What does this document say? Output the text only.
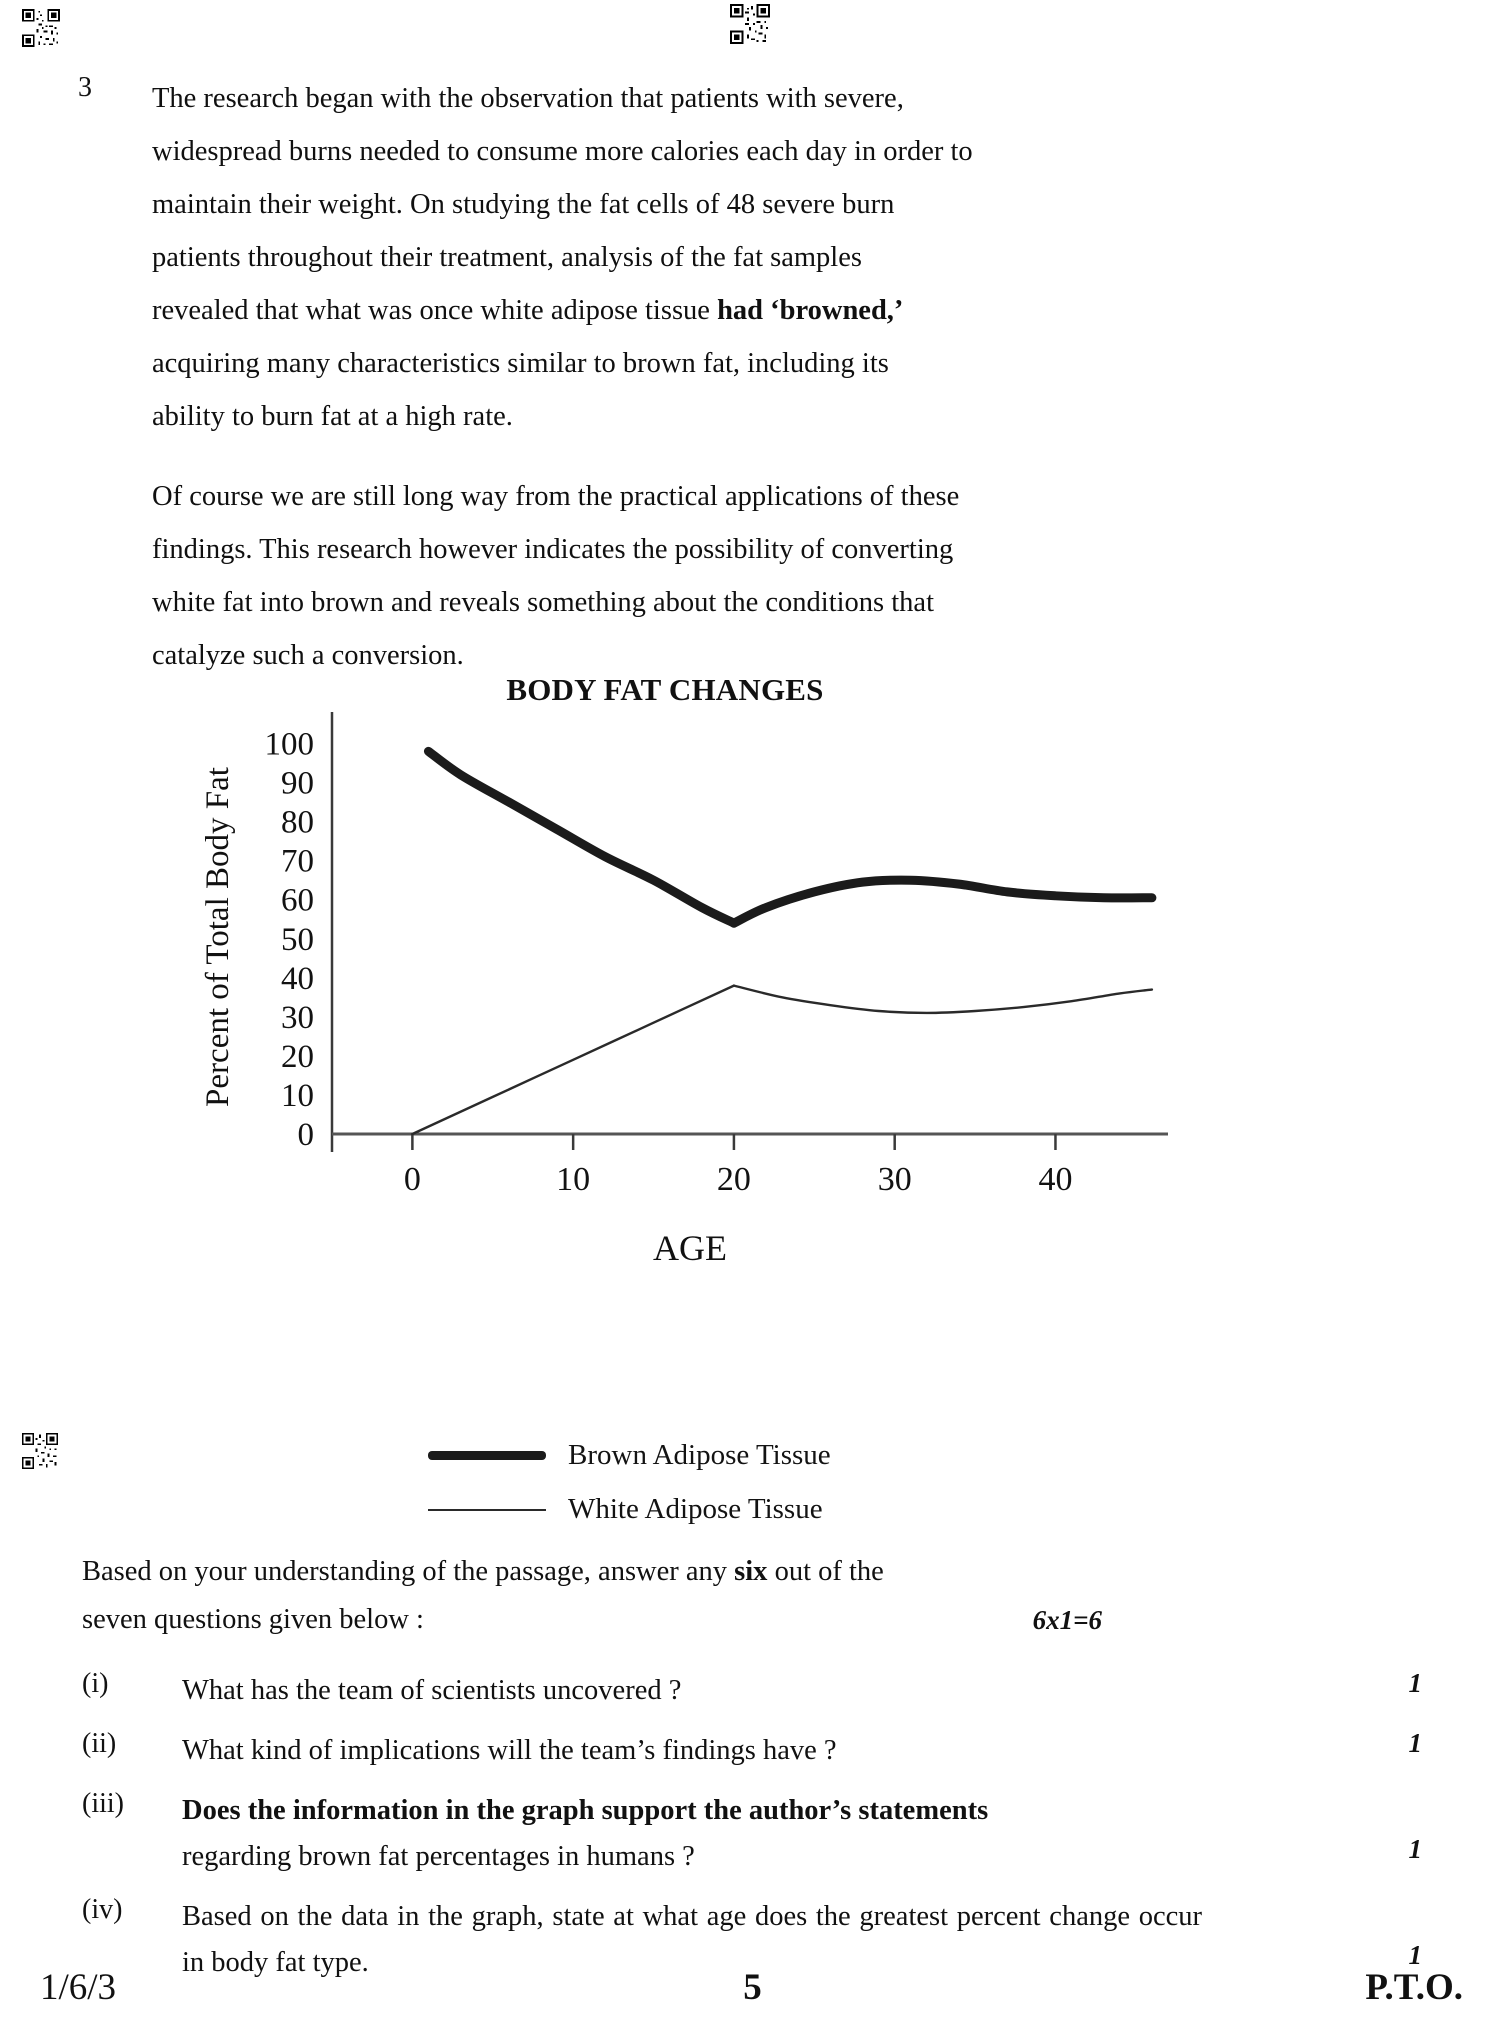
3 The research began with the observation that patients with severe,
widespread burns needed to consume more calories each day in order to
maintain their weight. On studying the fat cells of 48 severe burn
patients throughout their treatment, analysis of the fat samples
revealed that what was once white adipose tissue had ‘browned,’
acquiring many characteristics similar to brown fat, including its
ability to burn fat at a high rate.
Of course we are still long way from the practical applications of these
findings. This research however indicates the possibility of converting
white fat into brown and reveals something about the conditions that
catalyze such a conversion.
BODY FAT CHANGES
0
10
20
30
40
50
60
70
80
90
100
0	10	20	30	40
Percent of Total Body Fat
AGE
Brown Adipose Tissue
White Adipose Tissue
Based on your understanding of the passage, answer any six out of the
seven questions given below :	6x1=6
(i)	What has the team of scientists uncovered ?	1
(ii)	What kind of implications will the team’s findings have ?	1
(iii)	Does the information in the graph support the author’s statements
regarding brown fat percentages in humans ?	1
(iv)	Based on the data in the graph, state at what age does the greatest percent change occur in body fat type.	1
1/6/3	5	P.T.O.
